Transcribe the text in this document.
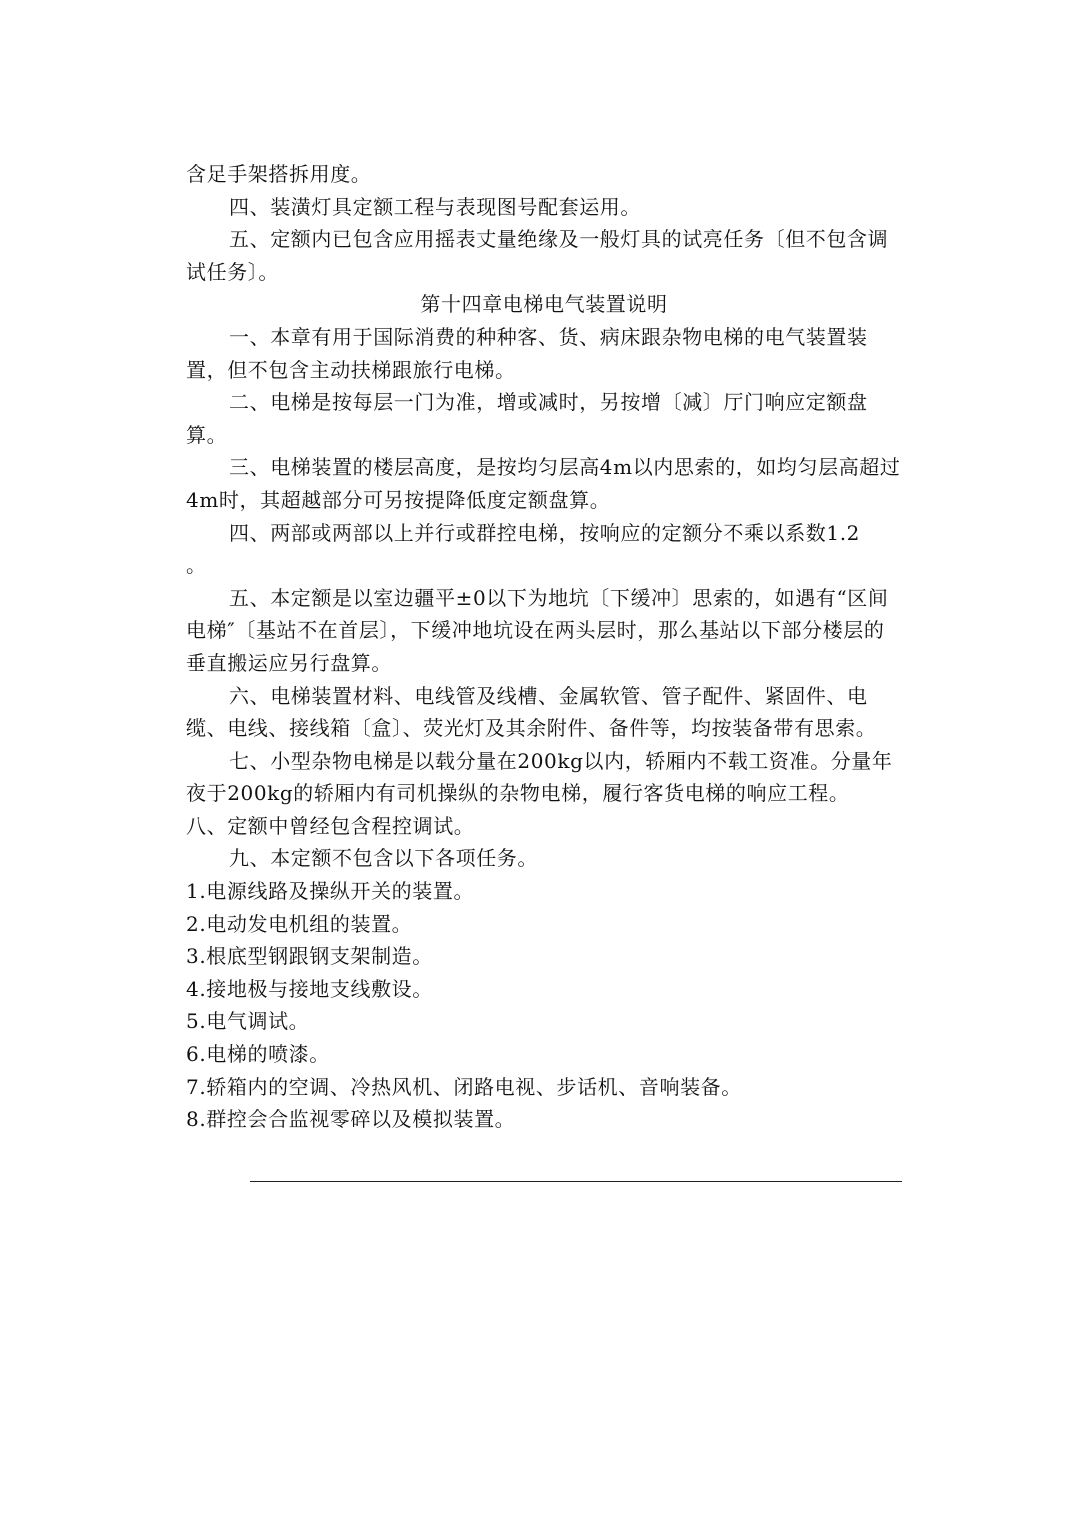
含足手架搭拆用度。

四、装潢灯具定额工程与表现图号配套运用。

五、定额内已包含应用摇表丈量绝缘及一般灯具的试亮任务〔但不包含调试任务〕。

第十四章电梯电气装置说明

一、本章有用于国际消费的种种客、货、病床跟杂物电梯的电气装置装置，但不包含主动扶梯跟旅行电梯。

二、电梯是按每层一门为准，增或减时，另按增〔减〕厅门响应定额盘算。

三、电梯装置的楼层高度，是按均匀层高4m以内思索的，如均匀层高超过4m时，其超越部分可另按提降低度定额盘算。

四、两部或两部以上并行或群控电梯，按响应的定额分不乘以系数1.2

。

五、本定额是以室边疆平±0以下为地坑〔下缓冲〕思索的，如遇有“区间电梯″〔基站不在首层〕，下缓冲地坑设在两头层时，那么基站以下部分楼层的垂直搬运应另行盘算。

六、电梯装置材料、电线管及线槽、金属软管、管子配件、紧固件、电缆、电线、接线箱〔盒〕、荧光灯及其余附件、备件等，均按装备带有思索。

七、小型杂物电梯是以载分量在200kg以内，轿厢内不载工资准。分量年夜于200kg的轿厢内有司机操纵的杂物电梯，履行客货电梯的响应工程。

八、定额中曾经包含程控调试。

九、本定额不包含以下各项任务。

1.电源线路及操纵开关的装置。

2.电动发电机组的装置。

3.根底型钢跟钢支架制造。

4.接地极与接地支线敷设。

5.电气调试。

6.电梯的喷漆。

7.轿箱内的空调、冷热风机、闭路电视、步话机、音响装备。

8.群控会合监视零碎以及模拟装置。
